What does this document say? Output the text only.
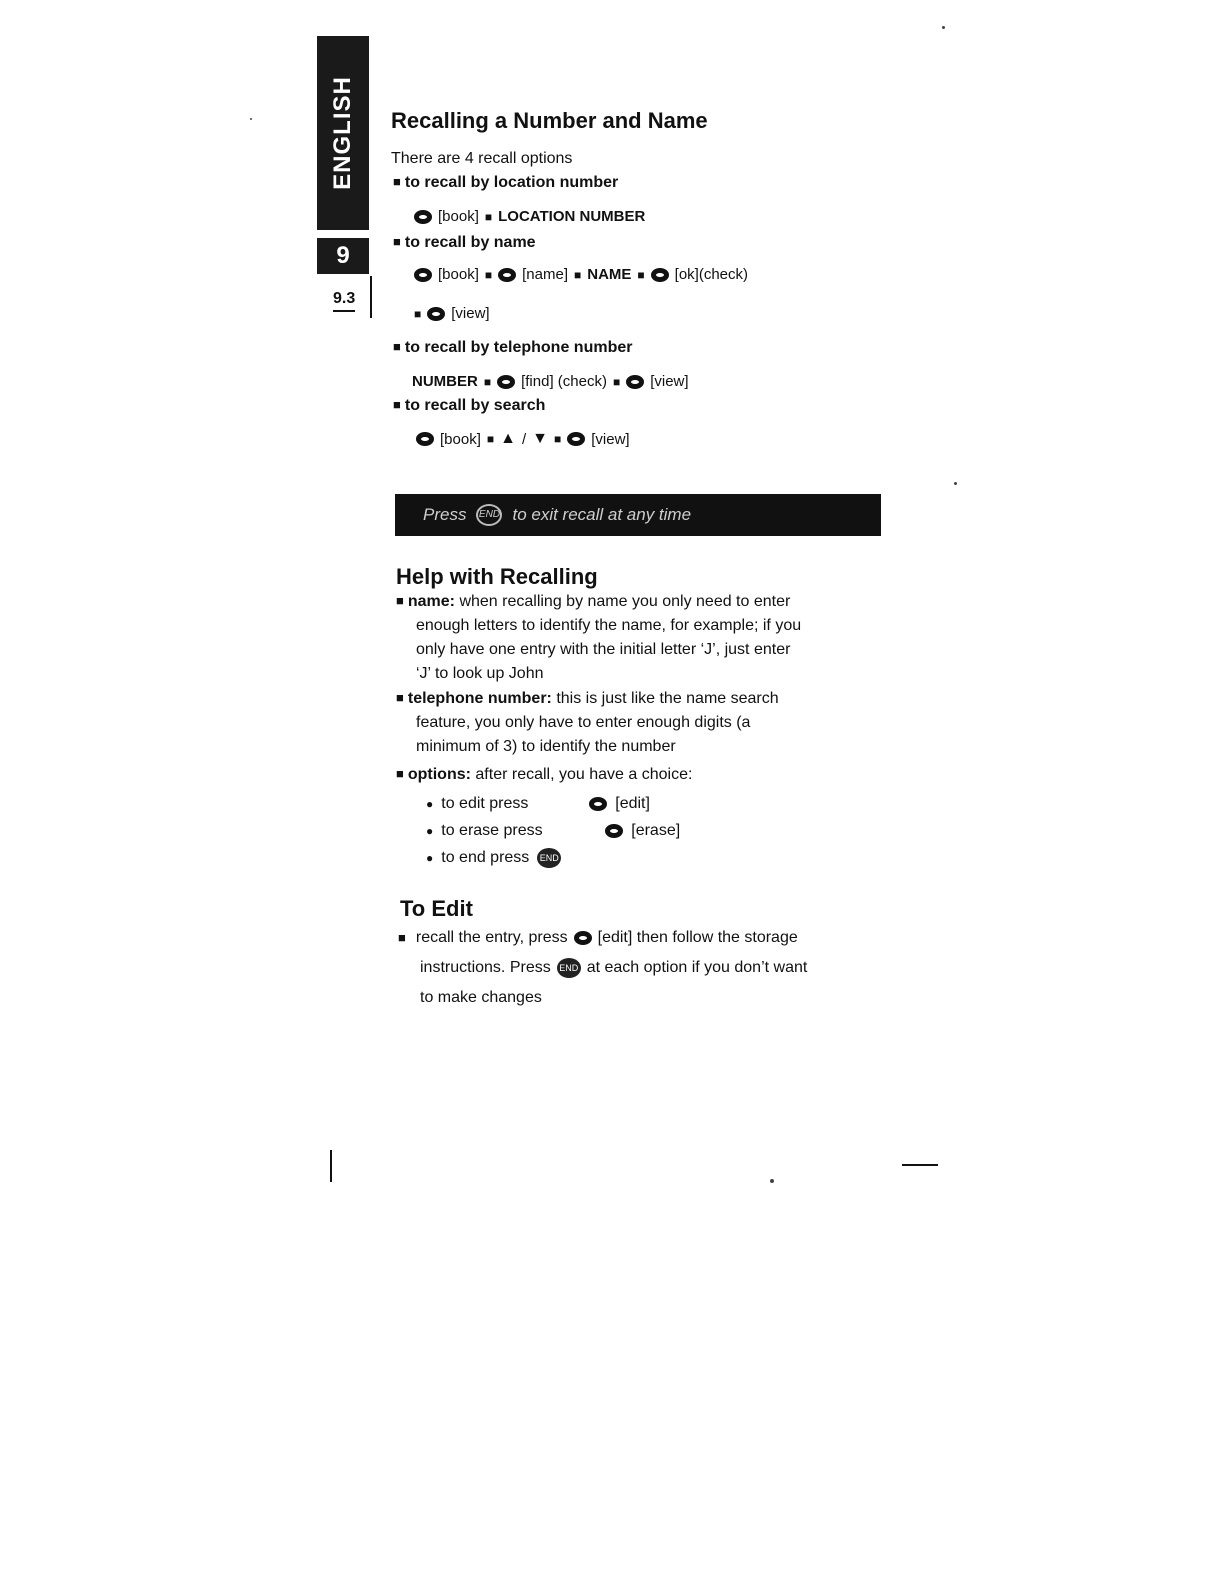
ENGLISH
9
9.3
Recalling a Number and Name
There are 4 recall options
■ to recall by location number
[book] ■ LOCATION NUMBER
■ to recall by name
[book] ■ [name] ■ NAME ■ [ok](check)
■ [view]
■ to recall by telephone number
NUMBER ■ [find] (check) ■ [view]
■ to recall by search
[book] ■ ▲ / ▼ ■ [view]
Press END to exit recall at any time
Help with Recalling
■ name: when recalling by name you only need to enter
enough letters to identify the name, for example; if you
only have one entry with the initial letter ‘J’, just enter
‘J’ to look up John
■ telephone number: this is just like the name search
feature, you only have to enter enough digits (a
minimum of 3) to identify the number
■ options: after recall, you have a choice:
● to edit press	[edit]
● to erase press	[erase]
● to end press END
To Edit
■ recall the entry, press [edit] then follow the storage
instructions. Press END at each option if you don’t want
to make changes
